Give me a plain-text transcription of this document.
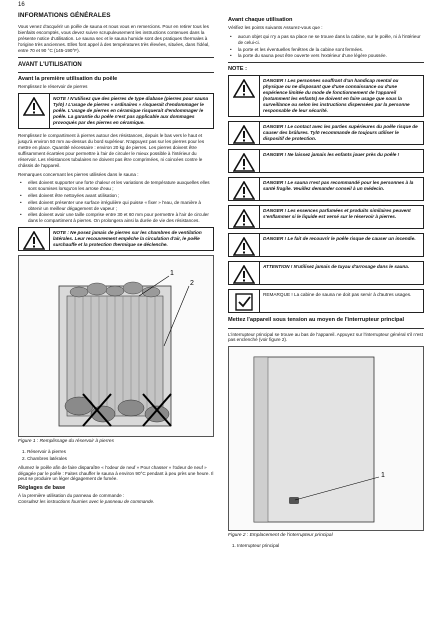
16
INFORMATIONS GÉNÉRALES

Vous venez d'acquérir un poêle de sauna et nous vous en remercions. Pour en retirer tous les bienfaits escomptés, vous devez suivre scrupuleusement les instructions contenues dans la présente notice d'utilisation. Le sauna sec et le sauna humide sont des pratiques thermales à l'origine très anciennes. Elles font appel à des températures très élevées, situées, dans l'idéal, entre 70 et 90 °C (145-190°F).

AVANT L'UTILISATION
Avant la première utilisation du poêle

Remplissez le réservoir de pierres

NOTE ! N'utilisez que des pierres de type diabase (pierres pour sauna Tylö) ! L'usage de pierres « ordinaires » risquerait d'endommager le poêle. L'usage de pierres en céramique risquerait d'endommager le poêle. La garantie du poêle n'est pas applicable aux dommages provoqués par des pierres en céramique.

Remplissez le compartiment à pierres autour des résistances, depuis le bas vers le haut et jusqu'à environ 50 mm au-dessus du bord supérieur. N'appuyez pas sur les pierres pour les mettre en place. Quantité nécessaire : environ 20 kg de pierres. Les pierres doivent être suffisamment écartées pour permettre à l'air de circuler le mieux possible à l'intérieur du réservoir. Les résistances tubulaires ne doivent pas être comprimées, ni coincées contre le châssis de l'appareil.

Remarques concernant les pierres utilisées dans le sauna :

• elles doivent supporter une forte chaleur et les variations de température auxquelles elles sont soumises lorsqu'on les arrose d'eau ;
• elles doivent être nettoyées avant utilisation ;
• elles doivent présenter une surface irrégulière qui puisse « fixer » l'eau, de manière à obtenir un meilleur dégagement de vapeur ;
• elles doivent avoir une taille comprise entre 30 et 60 mm pour permettre à l'air de circuler dans le compartiment à pierres. On prolongera ainsi la durée de vie des résistances.
NOTE : Ne posez jamais de pierres sur les chambres de ventilation latérales. Leur recouvrement empêche la circulation d'air, le poêle surchauffe et la protection thermique se déclenche.
1
2
Figure 1 : Remplissage du réservoir à pierres
1. Réservoir à pierres
2. Chambres latérales

Allumez le poêle afin de faire disparaître « l'odeur de neuf » Pour chasser « l'odeur de neuf » dégagée par le poêle : Faites chauffer le sauna à environ 90°C pendant à peu près une heure. Il peut se produire un léger dégagement de fumée.

Réglages de base

À la première utilisation du panneau de commande :

Consultez les instructions fournies avec le panneau de commande.

Avant chaque utilisation

Vérifiez les points suivants Assurez-vous que :

• aucun objet qui n'y a pas sa place ne se trouve dans la cabine, sur le poêle, ni à l'intérieur de celui-ci.
• la porte et les éventuelles fenêtres de la cabine sont fermées.
• la porte du sauna peut être ouverte vers l'extérieur d'une légère poussée.
NOTE :
DANGER ! Les personnes souffrant d'un handicap mental ou physique ou ne disposant que d'une connaissance ou d'une expérience limitée du mode de fonctionnement de l'appareil (notamment les enfants) ne doivent en faire usage que sous la surveillance ou selon les instructions dispensées par la personne responsable de leur sécurité.
DANGER ! Le contact avec les parties supérieures du poêle risque de causer des brûlures. Tylö recommande de toujours utiliser le dispositif de protection.
DANGER ! Ne laissez jamais les enfants jouer près du poêle !
DANGER ! Le sauna n'est pas recommandé pour les personnes à la santé fragile. Veuillez demander conseil à un médecin.
DANGER ! Les essences parfumées et produits similaires peuvent s'enflammer si le liquide est versé sur le réservoir à pierres.
DANGER ! Le fait de recouvrir le poêle risque de causer un incendie.
ATTENTION ! N'utilisez jamais de tuyau d'arrosage dans le sauna.
REMARQUE ! La cabine de sauna ne doit pas servir à d'autres usages.
Mettez l'appareil sous tension au moyen de l'interrupteur principal

L'interrupteur principal se trouve au bas de l'appareil. Appuyez sur l'interrupteur général s'il n'est pas enclenché (voir figure 2).

1
Figure 2 : Emplacement de l'interrupteur principal
1. Interrupteur principal
